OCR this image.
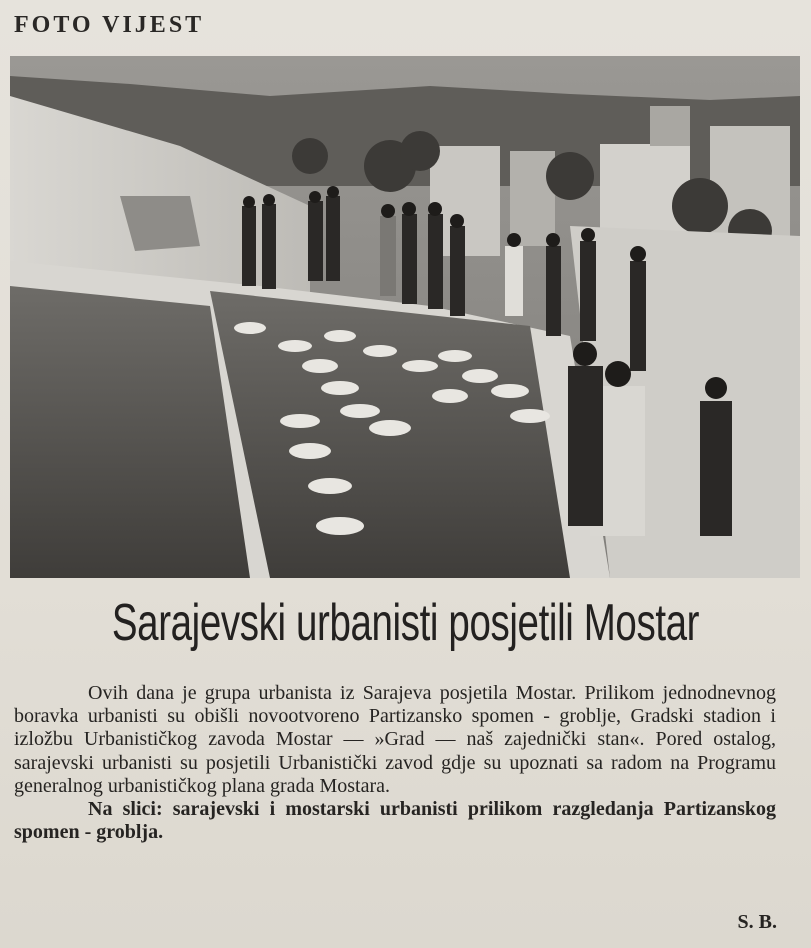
FOTO VIJEST
Sarajevski urbanisti posjetili Mostar

Ovih dana je grupa urbanista iz Sarajeva posjetila Mostar. Prilikom jednodnevnog boravka urbanisti su obišli novootvoreno Partizansko spomen - groblje, Gradski stadion i izložbu Urbanističkog zavoda Mostar — »Grad — naš zajednički stan«. Pored ostalog, sarajevski urbanisti su posjetili Urbanistički zavod gdje su upoznati sa radom na Programu generalnog urbanističkog plana grada Mostara.

Na slici: sarajevski i mostarski urbanisti prilikom razgledanja Partizanskog spomen - groblja.

S. B.
